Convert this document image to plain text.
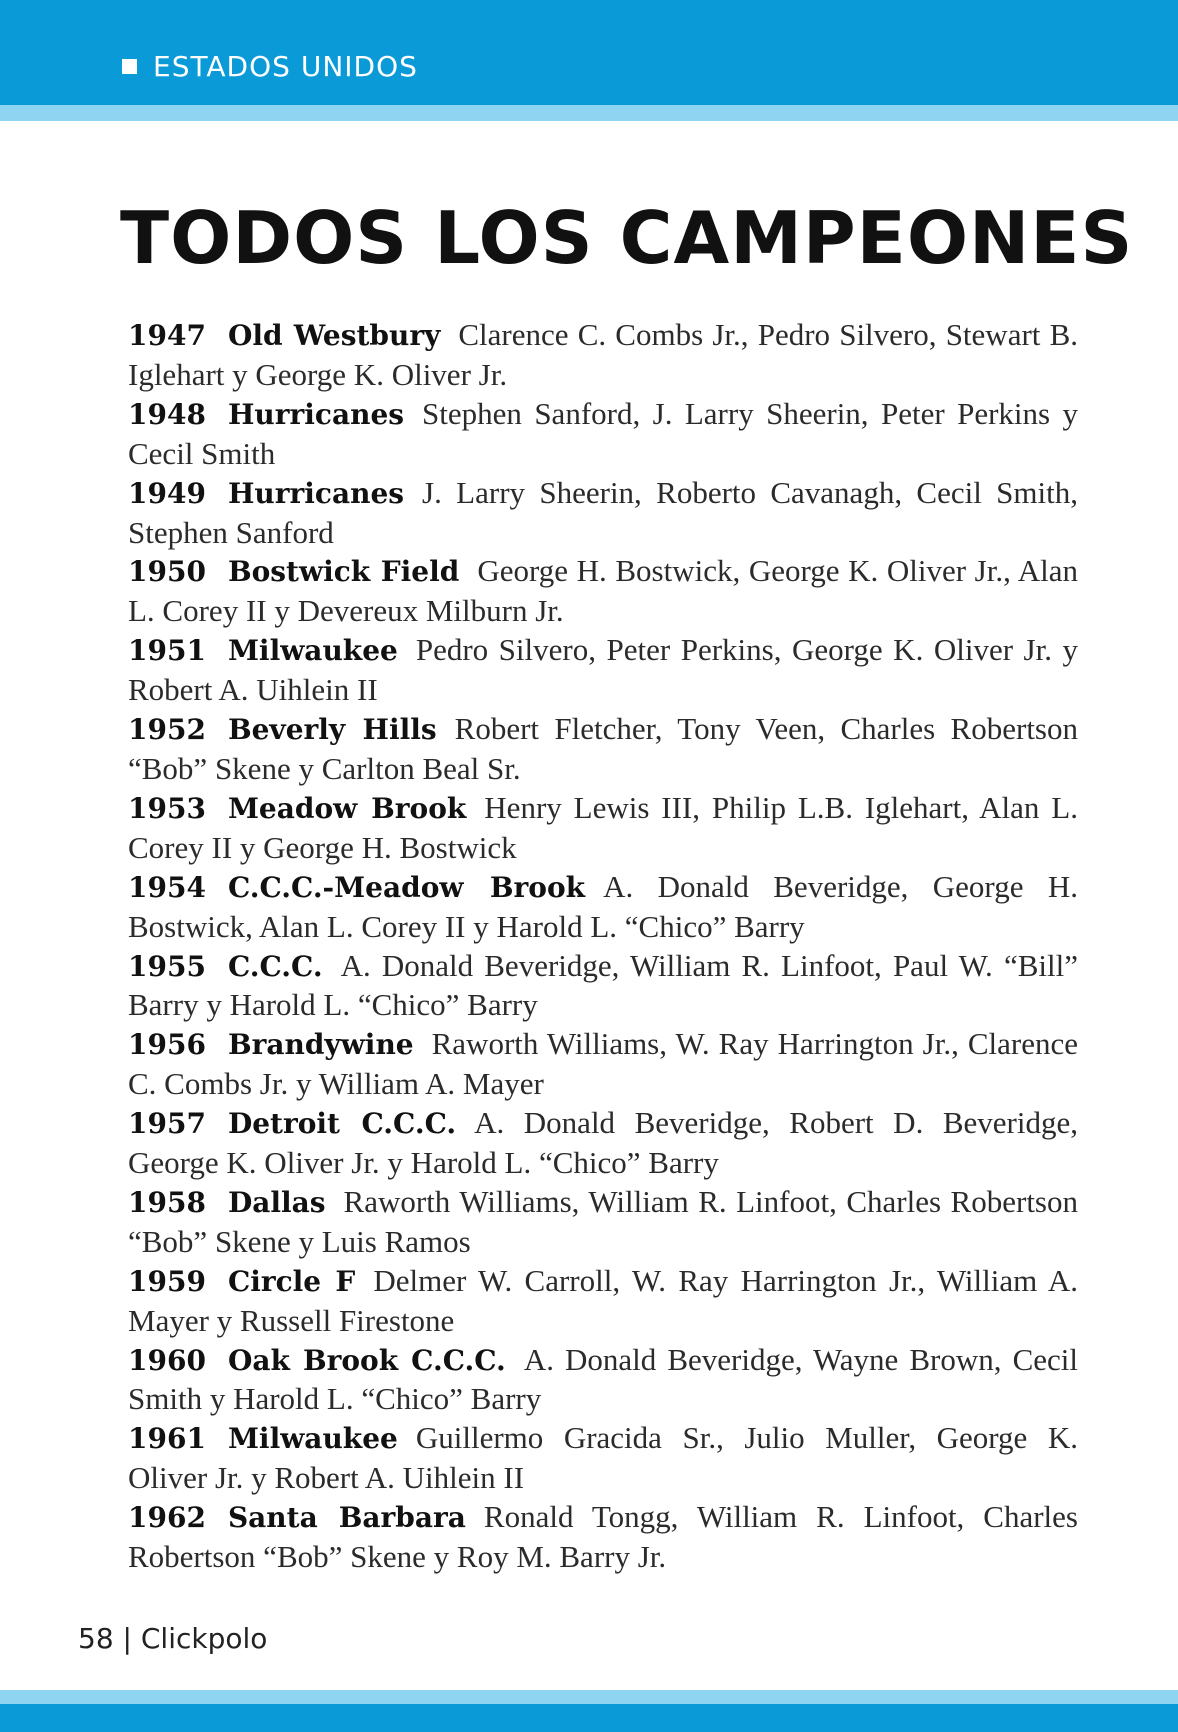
ESTADOS UNIDOS
TODOS LOS CAMPEONES

1947 Old Westbury Clarence C. Combs Jr., Pedro Silvero, Stewart B. Iglehart y George K. Oliver Jr.

1948 Hurricanes Stephen Sanford, J. Larry Sheerin, Peter Perkins y Cecil Smith

1949 Hurricanes J. Larry Sheerin, Roberto Cavanagh, Cecil Smith, Stephen Sanford

1950 Bostwick Field George H. Bostwick, George K. Oliver Jr., Alan L. Corey II y Devereux Milburn Jr.

1951 Milwaukee Pedro Silvero, Peter Perkins, George K. Oliver Jr. y Robert A. Uihlein II

1952 Beverly Hills Robert Fletcher, Tony Veen, Charles Robertson “Bob” Skene y Carlton Beal Sr.

1953 Meadow Brook Henry Lewis III, Philip L.B. Iglehart, Alan L. Corey II y George H. Bostwick

1954 C.C.C.-Meadow Brook A. Donald Beveridge, George H. Bostwick, Alan L. Corey II y Harold L. “Chico” Barry

1955 C.C.C. A. Donald Beveridge, William R. Linfoot, Paul W. “Bill” Barry y Harold L. “Chico” Barry

1956 Brandywine Raworth Williams, W. Ray Harrington Jr., Clarence C. Combs Jr. y William A. Mayer

1957 Detroit C.C.C. A. Donald Beveridge, Robert D. Beveridge, George K. Oliver Jr. y Harold L. “Chico” Barry

1958 Dallas Raworth Williams, William R. Linfoot, Charles Robertson “Bob” Skene y Luis Ramos

1959 Circle F Delmer W. Carroll, W. Ray Harrington Jr., William A. Mayer y Russell Firestone

1960 Oak Brook C.C.C. A. Donald Beveridge, Wayne Brown, Cecil Smith y Harold L. “Chico” Barry

1961 Milwaukee Guillermo Gracida Sr., Julio Muller, George K. Oliver Jr. y Robert A. Uihlein II

1962 Santa Barbara Ronald Tongg, William R. Linfoot, Charles Robertson “Bob” Skene y Roy M. Barry Jr.

58 | Clickpolo
